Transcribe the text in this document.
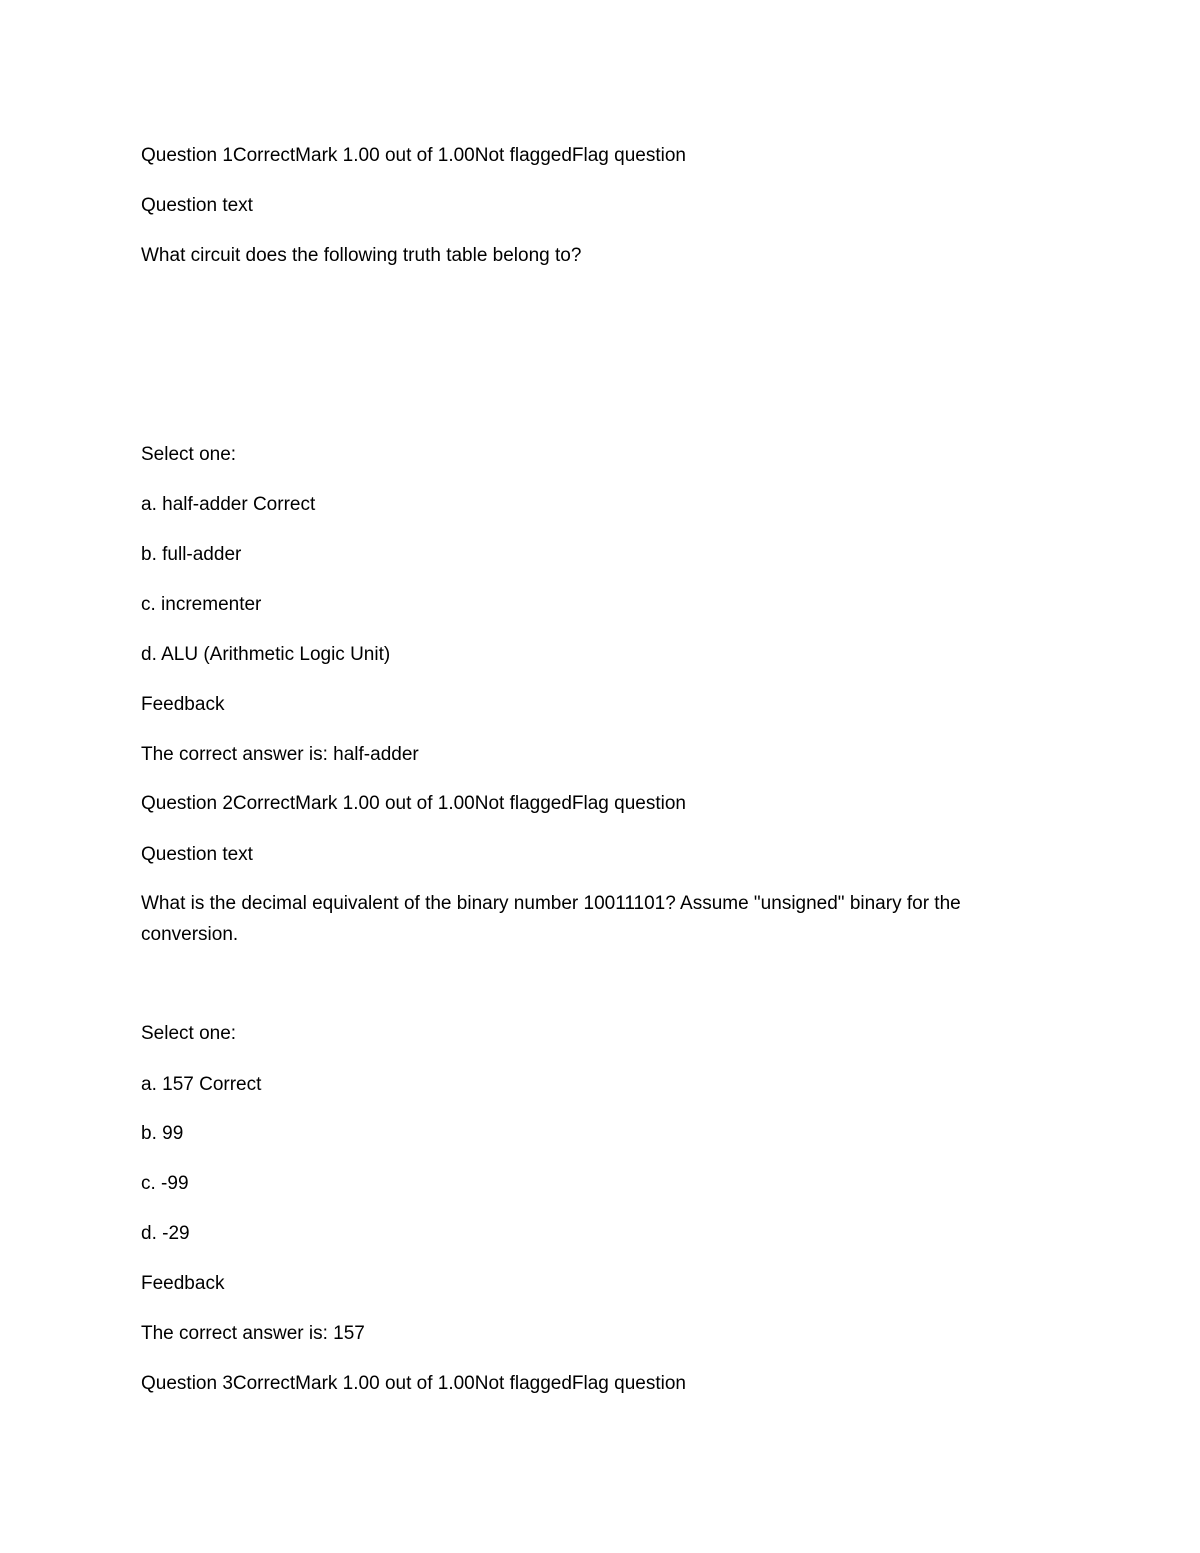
Question 1CorrectMark 1.00 out of 1.00Not flaggedFlag question
Question text
What circuit does the following truth table belong to?
Select one:
a. half-adder Correct
b. full-adder
c. incrementer
d. ALU (Arithmetic Logic Unit)
Feedback
The correct answer is: half-adder
Question 2CorrectMark 1.00 out of 1.00Not flaggedFlag question
Question text
What is the decimal equivalent of the binary number 10011101? Assume "unsigned" binary for the conversion.
Select one:
a. 157 Correct
b. 99
c. -99
d. -29
Feedback
The correct answer is: 157
Question 3CorrectMark 1.00 out of 1.00Not flaggedFlag question
